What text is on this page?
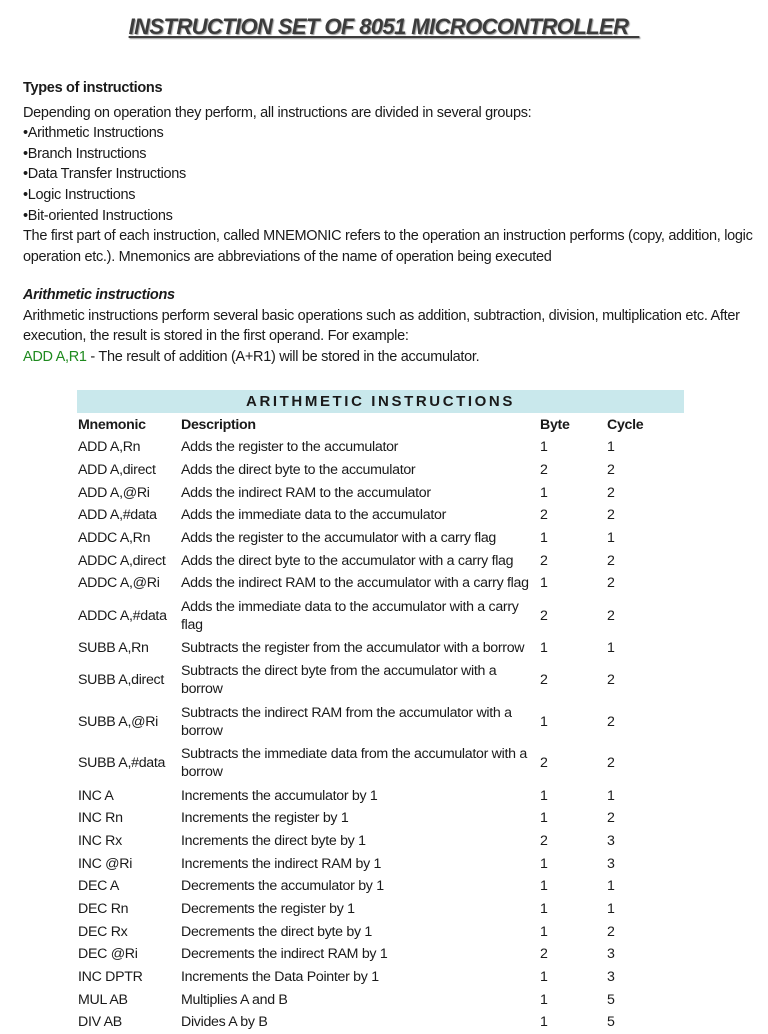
INSTRUCTION SET OF 8051 MICROCONTROLLER

Types of instructions

Depending on operation they perform, all instructions are divided in several groups:

•Arithmetic Instructions

•Branch Instructions

•Data Transfer Instructions

•Logic Instructions

•Bit-oriented Instructions

The first part of each instruction, called MNEMONIC refers to the operation an instruction performs (copy, addition, logic operation etc.). Mnemonics are abbreviations of the name of operation being executed

Arithmetic instructions

Arithmetic instructions perform several basic operations such as addition, subtraction, division, multiplication etc. After execution, the result is stored in the first operand. For example:

ADD A,R1 - The result of addition (A+R1) will be stored in the accumulator.

ARITHMETIC INSTRUCTIONS
Mnemonic	Description	Byte	Cycle
ADD A,Rn	Adds the register to the accumulator	1	1
ADD A,direct	Adds the direct byte to the accumulator	2	2
ADD A,@Ri	Adds the indirect RAM to the accumulator	1	2
ADD A,#data	Adds the immediate data to the accumulator	2	2
ADDC A,Rn	Adds the register to the accumulator with a carry flag	1	1
ADDC A,direct	Adds the direct byte to the accumulator with a carry flag	2	2
ADDC A,@Ri	Adds the indirect RAM to the accumulator with a carry flag	1	2
ADDC A,#data	Adds the immediate data to the accumulator with a carry flag	2	2
SUBB A,Rn	Subtracts the register from the accumulator with a borrow	1	1
SUBB A,direct	Subtracts the direct byte from the accumulator with a borrow	2	2
SUBB A,@Ri	Subtracts the indirect RAM from the accumulator with a borrow	1	2
SUBB A,#data	Subtracts the immediate data from the accumulator with a borrow	2	2
INC A	Increments the accumulator by 1	1	1
INC Rn	Increments the register by 1	1	2
INC Rx	Increments the direct byte by 1	2	3
INC @Ri	Increments the indirect RAM by 1	1	3
DEC A	Decrements the accumulator by 1	1	1
DEC Rn	Decrements the register by 1	1	1
DEC Rx	Decrements the direct byte by 1	1	2
DEC @Ri	Decrements the indirect RAM by 1	2	3
INC DPTR	Increments the Data Pointer by 1	1	3
MUL AB	Multiplies A and B	1	5
DIV AB	Divides A by B	1	5
